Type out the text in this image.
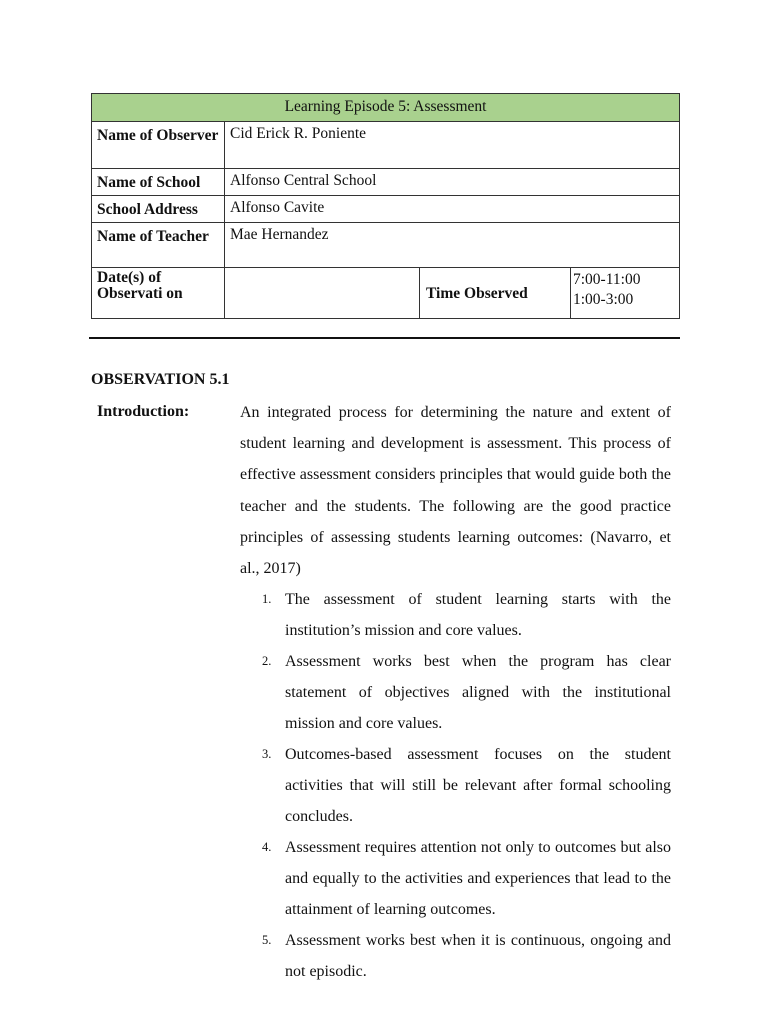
Learning Episode 5: Assessment			
Name of Observer	Cid Erick R. Poniente		
Name of School	Alfonso Central School		
School Address	Alfonso Cavite		
Name of Teacher	Mae Hernandez		
Date(s) of Observati on		Time Observed	7:00-11:00
1:00-3:00
OBSERVATION 5.1
Introduction:	An integrated process for determining the nature and extent of student learning and development is assessment. This process of effective assessment considers principles that would guide both the teacher and the students. The following are the good practice principles of assessing students learning outcomes: (Navarro, et al., 2017)

1. The assessment of student learning starts with the institution’s mission and core values.
2. Assessment works best when the program has clear statement of objectives aligned with the institutional mission and core values.
3. Outcomes-based assessment focuses on the student activities that will still be relevant after formal schooling concludes.
4. Assessment requires attention not only to outcomes but also and equally to the activities and experiences that lead to the attainment of learning outcomes.
5. Assessment works best when it is continuous, ongoing and not episodic.
